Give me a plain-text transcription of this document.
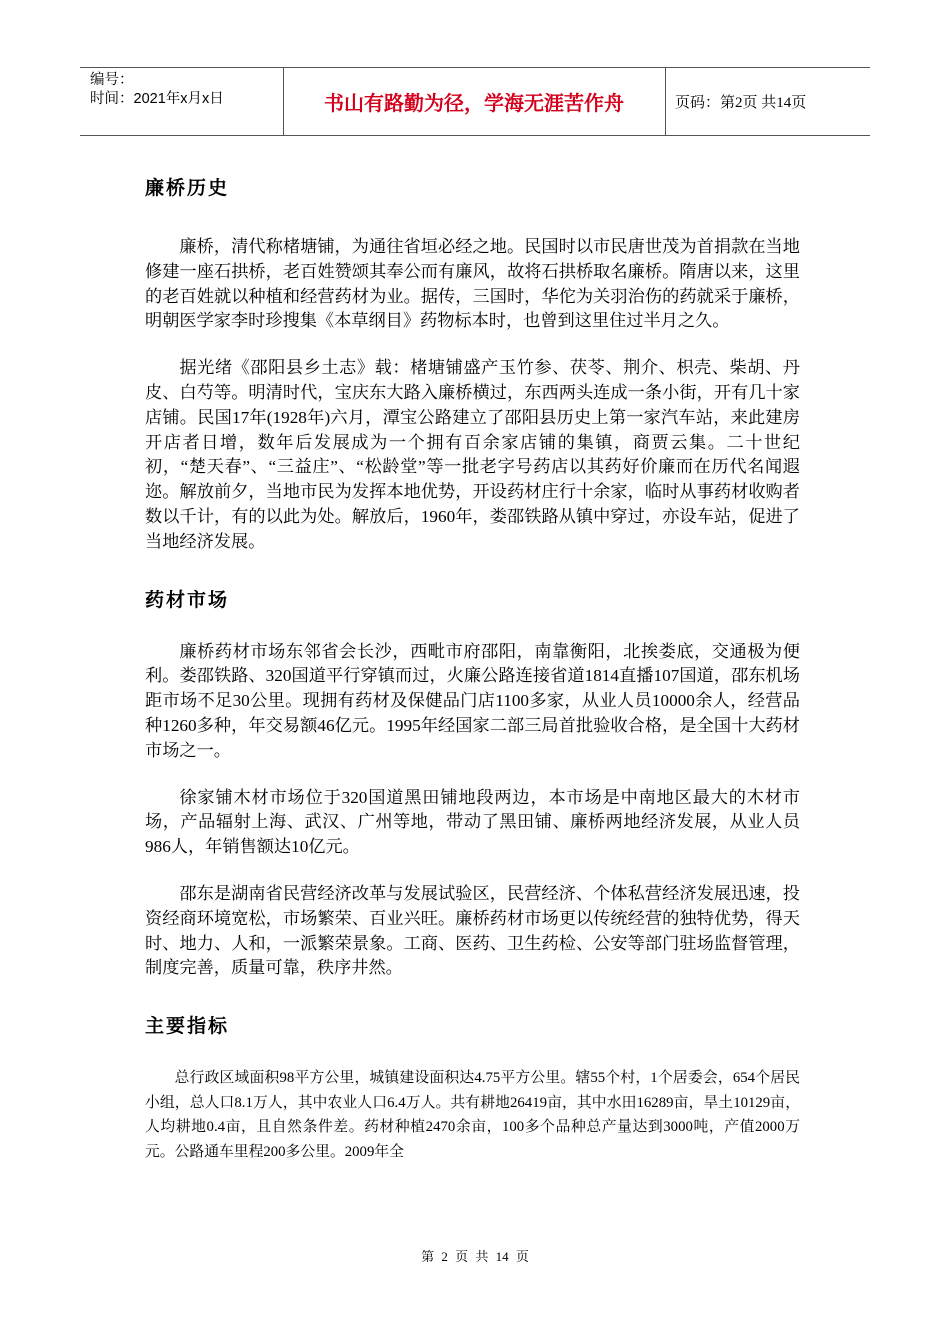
编号：
时间：2021年x月x日	书山有路勤为径，学海无涯苦作舟	页码：第2页 共14页
廉桥历史

廉桥，清代称楮塘铺，为通往省垣必经之地。民国时以市民唐世茂为首捐款在当地修建一座石拱桥，老百姓赞颂其奉公而有廉风，故将石拱桥取名廉桥。隋唐以来，这里的老百姓就以种植和经营药材为业。据传，三国时，华佗为关羽治伤的药就采于廉桥，明朝医学家李时珍搜集《本草纲目》药物标本时，也曾到这里住过半月之久。

据光绪《邵阳县乡土志》载：楮塘铺盛产玉竹参、茯苓、荆介、枳壳、柴胡、丹皮、白芍等。明清时代，宝庆东大路入廉桥横过，东西两头连成一条小街，开有几十家店铺。民国17年(1928年)六月，潭宝公路建立了邵阳县历史上第一家汽车站，来此建房开店者日增，数年后发展成为一个拥有百余家店铺的集镇，商贾云集。二十世纪初，“楚天春”、“三益庄”、“松龄堂”等一批老字号药店以其药好价廉而在历代名闻遐迩。解放前夕，当地市民为发挥本地优势，开设药材庄行十余家，临时从事药材收购者数以千计，有的以此为处。解放后，1960年，娄邵铁路从镇中穿过，亦设车站，促进了当地经济发展。

药材市场

廉桥药材市场东邻省会长沙，西毗市府邵阳，南靠衡阳，北挨娄底，交通极为便利。娄邵铁路、320国道平行穿镇而过，火廉公路连接省道1814直播107国道，邵东机场距市场不足30公里。现拥有药材及保健品门店1100多家，从业人员10000余人，经营品种1260多种，年交易额46亿元。1995年经国家二部三局首批验收合格，是全国十大药材市场之一。

徐家铺木材市场位于320国道黑田铺地段两边，本市场是中南地区最大的木材市场，产品辐射上海、武汉、广州等地，带动了黑田铺、廉桥两地经济发展，从业人员986人，年销售额达10亿元。

邵东是湖南省民营经济改革与发展试验区，民营经济、个体私营经济发展迅速，投资经商环境宽松，市场繁荣、百业兴旺。廉桥药材市场更以传统经营的独特优势，得天时、地力、人和，一派繁荣景象。工商、医药、卫生药检、公安等部门驻场监督管理，制度完善，质量可靠，秩序井然。

主要指标

总行政区域面积98平方公里，城镇建设面积达4.75平方公里。辖55个村，1个居委会，654个居民小组，总人口8.1万人，其中农业人口6.4万人。共有耕地26419亩，其中水田16289亩，旱土10129亩，人均耕地0.4亩，且自然条件差。药材种植2470余亩，100多个品种总产量达到3000吨，产值2000万元。公路通车里程200多公里。2009年全

第 2 页 共 14 页
